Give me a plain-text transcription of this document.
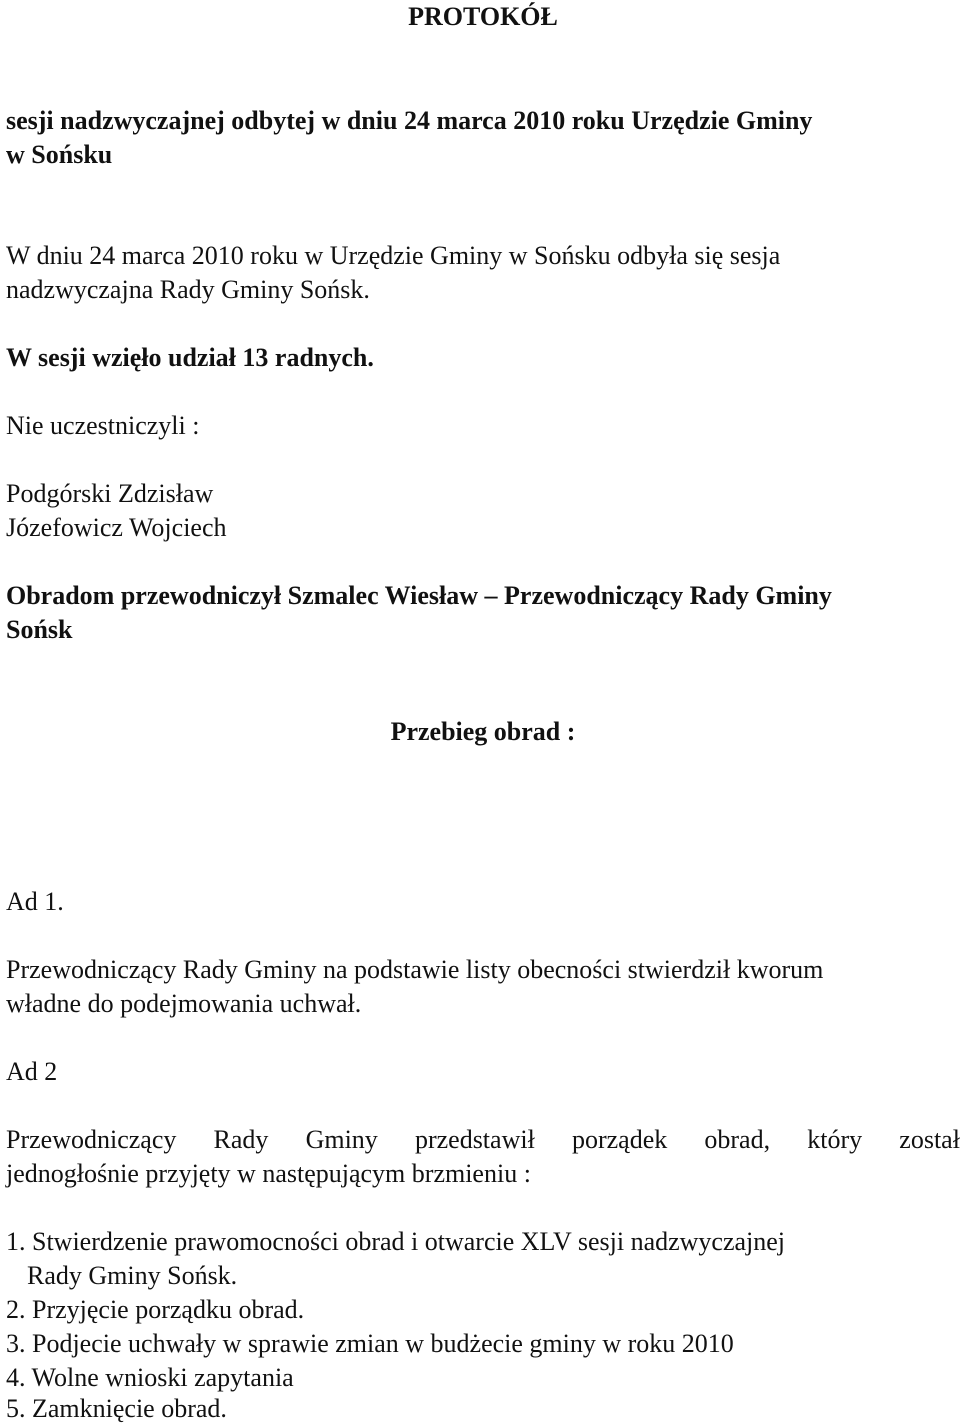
PROTOKÓŁ
sesji nadzwyczajnej odbytej w dniu 24 marca 2010 roku Urzędzie Gminy
w Sońsku
W dniu 24 marca 2010 roku w Urzędzie Gminy w Sońsku odbyła się sesja
nadzwyczajna Rady Gminy Sońsk.
W sesji wzięło udział 13 radnych.
Nie uczestniczyli :
Podgórski Zdzisław
Józefowicz Wojciech
Obradom przewodniczył Szmalec Wiesław – Przewodniczący Rady Gminy
Sońsk
Przebieg obrad :
Ad 1.
Przewodniczący Rady Gminy na podstawie listy obecności stwierdził kworum
władne do podejmowania uchwał.
Ad 2
Przewodniczący Rady Gminy przedstawił porządek obrad, który został
jednogłośnie przyjęty w następującym brzmieniu :
1. Stwierdzenie prawomocności obrad i otwarcie XLV sesji nadzwyczajnej
Rady Gminy Sońsk.
2. Przyjęcie porządku obrad.
3. Podjecie uchwały w sprawie zmian w budżecie gminy w roku 2010
4. Wolne wnioski zapytania
5. Zamknięcie obrad.
